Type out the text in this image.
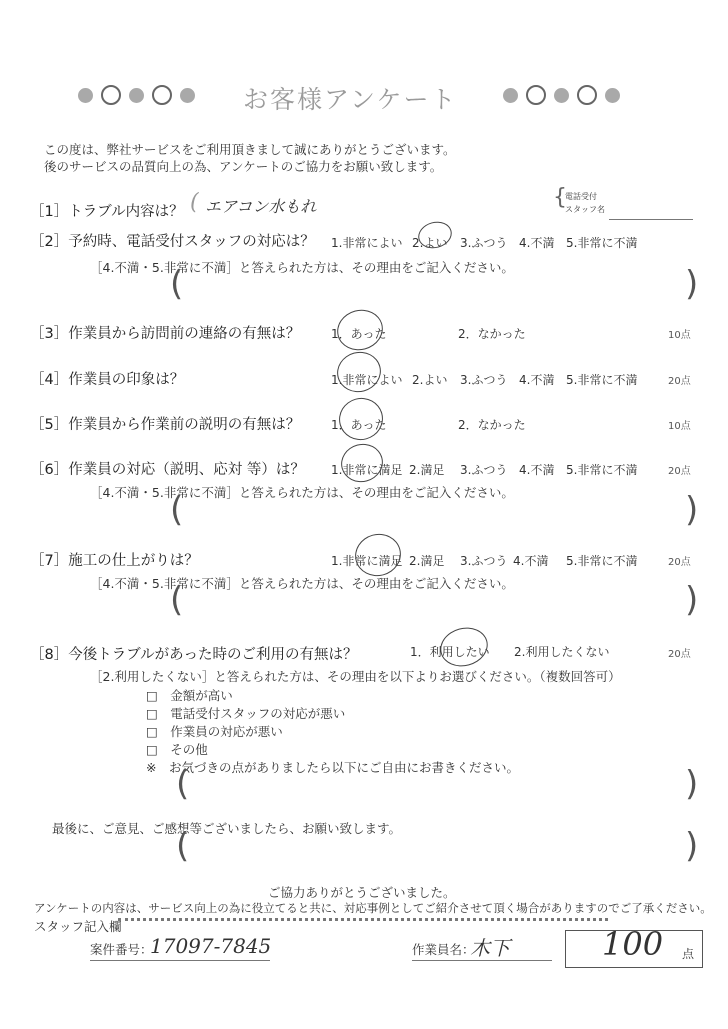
お客様アンケート
この度は、弊社サービスをご利用頂きまして誠にありがとうございます。
後のサービスの品質向上の為、アンケートのご協力をお願い致します。
［1］トラブル内容は？ ( エアコン水もれ	{
電話受付
スタッフ名
［2］予約時、電話受付スタッフの対応は？ 1.非常によい 2.よい 3.ふつう 4.不満 5.非常に不満
［4.不満・5.非常に不満］と答えられた方は、その理由をご記入ください。
(	)
［3］作業員から訪問前の連絡の有無は？	1．あった	2．なかった	10点
［4］作業員の印象は？	1.非常によい 2.よい 3.ふつう 4.不満 5.非常に不満	20点
［5］作業員から作業前の説明の有無は？	1．あった	2．なかった	10点
［6］作業員の対応（説明、応対 等）は？ 1.非常に満足 2.満足 3.ふつう 4.不満 5.非常に不満	20点
［4.不満・5.非常に不満］と答えられた方は、その理由をご記入ください。
(	)
［7］施工の仕上がりは？	1.非常に満足 2.満足 3.ふつう 4.不満 5.非常に不満	20点
［4.不満・5.非常に不満］と答えられた方は、その理由をご記入ください。
(	)
［8］今後トラブルがあった時のご利用の有無は？	1．利用したい 2.利用したくない	20点
［2.利用したくない］と答えられた方は、その理由を以下よりお選びください。（複数回答可）
□　金額が高い
□　電話受付スタッフの対応が悪い
□　作業員の対応が悪い
□　その他
※　お気づきの点がありましたら以下にご自由にお書きください。
(	)
最後に、ご意見、ご感想等ございましたら、お願い致します。
(	)
ご協力ありがとうございました。
アンケートの内容は、サービス向上の為に役立てると共に、対応事例としてご紹介させて頂く場合がありますのでご了承ください。
スタッフ記入欄
案件番号：
17097-7845	作業員名：
木下	100 点
